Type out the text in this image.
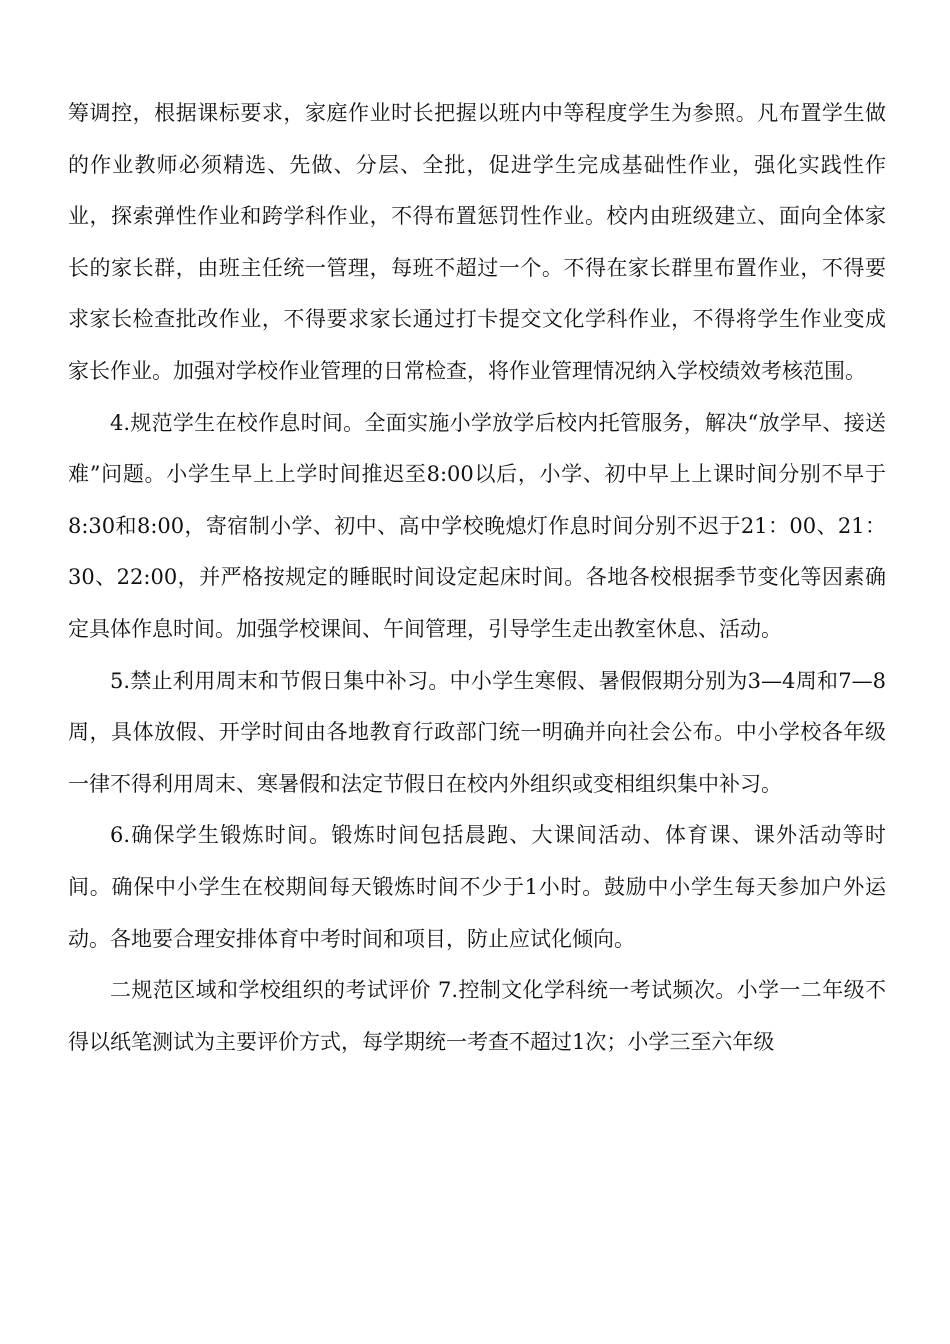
筹调控，根据课标要求，家庭作业时长把握以班内中等程度学生为参照。凡布置学生做的作业教师必须精选、先做、分层、全批，促进学生完成基础性作业，强化实践性作业，探索弹性作业和跨学科作业，不得布置惩罚性作业。校内由班级建立、面向全体家长的家长群，由班主任统一管理，每班不超过一个。不得在家长群里布置作业，不得要求家长检查批改作业，不得要求家长通过打卡提交文化学科作业，不得将学生作业变成家长作业。加强对学校作业管理的日常检查，将作业管理情况纳入学校绩效考核范围。

4.规范学生在校作息时间。全面实施小学放学后校内托管服务，解决“放学早、接送难”问题。小学生早上上学时间推迟至8:00以后，小学、初中早上上课时间分别不早于8:30和8:00，寄宿制小学、初中、高中学校晚熄灯作息时间分别不迟于21：00、21：30、22:00，并严格按规定的睡眠时间设定起床时间。各地各校根据季节变化等因素确定具体作息时间。加强学校课间、午间管理，引导学生走出教室休息、活动。

5.禁止利用周末和节假日集中补习。中小学生寒假、暑假假期分别为3—4周和7—8周，具体放假、开学时间由各地教育行政部门统一明确并向社会公布。中小学校各年级一律不得利用周末、寒暑假和法定节假日在校内外组织或变相组织集中补习。

6.确保学生锻炼时间。锻炼时间包括晨跑、大课间活动、体育课、课外活动等时间。确保中小学生在校期间每天锻炼时间不少于1小时。鼓励中小学生每天参加户外运动。各地要合理安排体育中考时间和项目，防止应试化倾向。

二规范区域和学校组织的考试评价 7.控制文化学科统一考试频次。小学一二年级不得以纸笔测试为主要评价方式，每学期统一考查不超过1次；小学三至六年级
